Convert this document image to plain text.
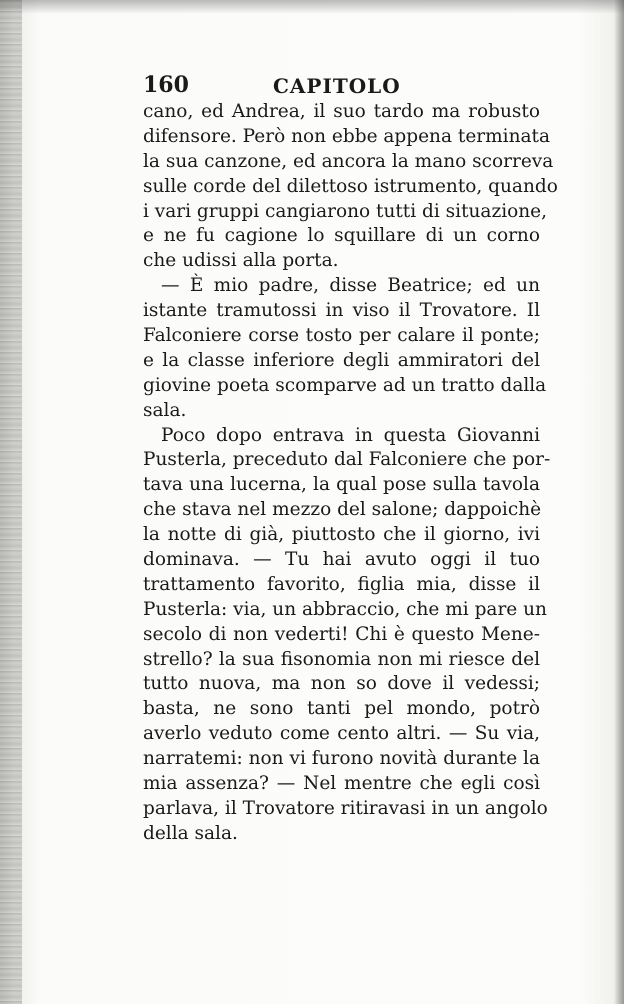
160	CAPITOLO
cano, ed Andrea, il suo tardo ma robusto
difensore. Però non ebbe appena terminata
la sua canzone, ed ancora la mano scorreva
sulle corde del dilettoso istrumento, quando
i vari gruppi cangiarono tutti di situazione,
e ne fu cagione lo squillare di un corno
che udissi alla porta.
— È mio padre, disse Beatrice; ed un
istante tramutossi in viso il Trovatore. Il
Falconiere corse tosto per calare il ponte;
e la classe inferiore degli ammiratori del
giovine poeta scomparve ad un tratto dalla
sala.
Poco dopo entrava in questa Giovanni
Pusterla, preceduto dal Falconiere che por-
tava una lucerna, la qual pose sulla tavola
che stava nel mezzo del salone; dappoichè
la notte di già, piuttosto che il giorno, ivi
dominava. — Tu hai avuto oggi il tuo
trattamento favorito, figlia mia, disse il
Pusterla: via, un abbraccio, che mi pare un
secolo di non vederti! Chi è questo Mene-
strello? la sua fisonomia non mi riesce del
tutto nuova, ma non so dove il vedessi;
basta, ne sono tanti pel mondo, potrò
averlo veduto come cento altri. — Su via,
narratemi: non vi furono novità durante la
mia assenza? — Nel mentre che egli così
parlava, il Trovatore ritiravasi in un angolo
della sala.
